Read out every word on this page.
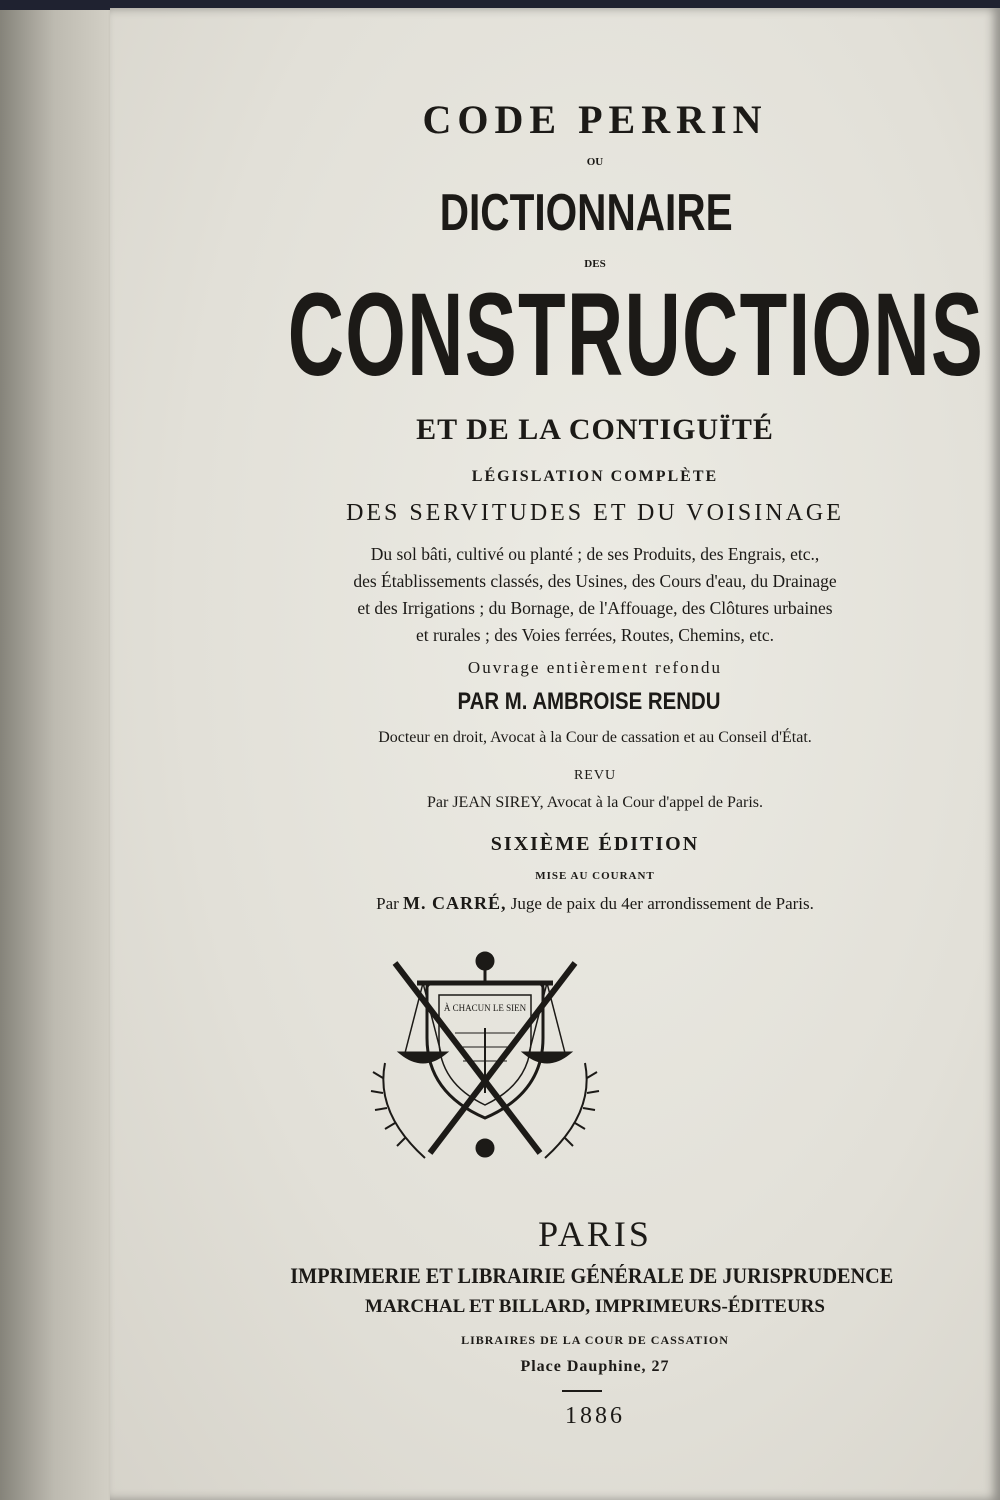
CODE PERRIN
OU
DICTIONNAIRE
DES
CONSTRUCTIONS
ET DE LA CONTIGUÏTÉ
LÉGISLATION COMPLÈTE
DES SERVITUDES ET DU VOISINAGE
Du sol bâti, cultivé ou planté ; de ses Produits, des Engrais, etc.,
des Établissements classés, des Usines, des Cours d'eau, du Drainage
et des Irrigations ; du Bornage, de l'Affouage, des Clôtures urbaines
et rurales ; des Voies ferrées, Routes, Chemins, etc.
Ouvrage entièrement refondu
PAR M. AMBROISE RENDU
Docteur en droit, Avocat à la Cour de cassation et au Conseil d'État.
REVU
Par JEAN SIREY, Avocat à la Cour d'appel de Paris.
SIXIÈME ÉDITION
MISE AU COURANT
Par M. CARRÉ, Juge de paix du 4er arrondissement de Paris.
À CHACUN LE SIEN
PARIS
IMPRIMERIE ET LIBRAIRIE GÉNÉRALE DE JURISPRUDENCE
MARCHAL ET BILLARD, IMPRIMEURS-ÉDITEURS
LIBRAIRES DE LA COUR DE CASSATION
Place Dauphine, 27
1886
